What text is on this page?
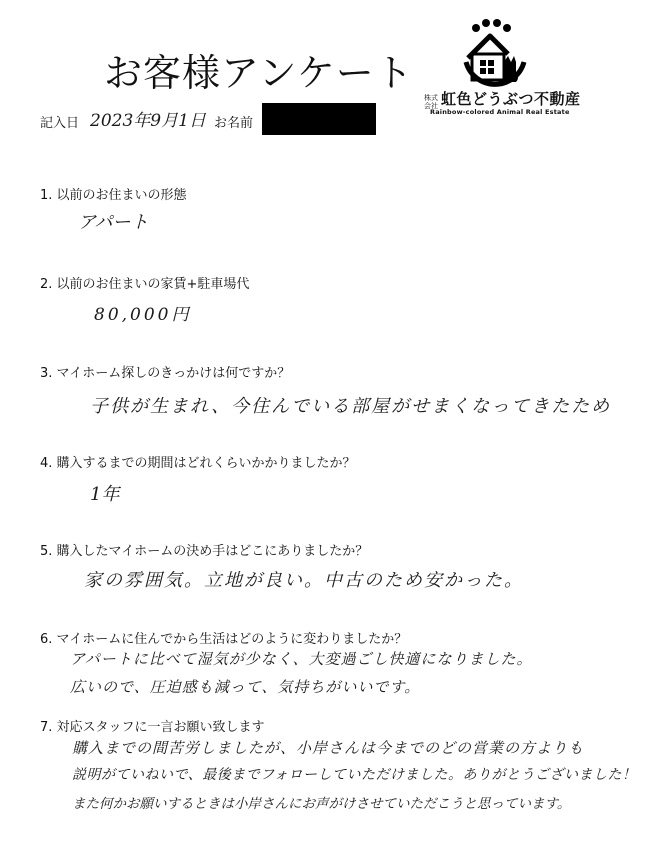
お客様アンケート
株式
会社 虹色どうぶつ不動産
Rainbow-colored Animal Real Estate
記入日 2023年9月1日 お名前
1. 以前のお住まいの形態
アパート
2. 以前のお住まいの家賃+駐車場代
80,000円
3. マイホーム探しのきっかけは何ですか？
子供が生まれ、今住んでいる部屋がせまくなってきたため
4. 購入するまでの期間はどれくらいかかりましたか？
1年
5. 購入したマイホームの決め手はどこにありましたか？
家の雰囲気。立地が良い。中古のため安かった。
6. マイホームに住んでから生活はどのように変わりましたか？
アパートに比べて湿気が少なく、大変過ごし快適になりました。
広いので、圧迫感も減って、気持ちがいいです。
7. 対応スタッフに一言お願い致します
購入までの間苦労しましたが、小岸さんは今までのどの営業の方よりも
説明がていねいで、最後までフォローしていただけました。ありがとうございました！
また何かお願いするときは小岸さんにお声がけさせていただこうと思っています。
